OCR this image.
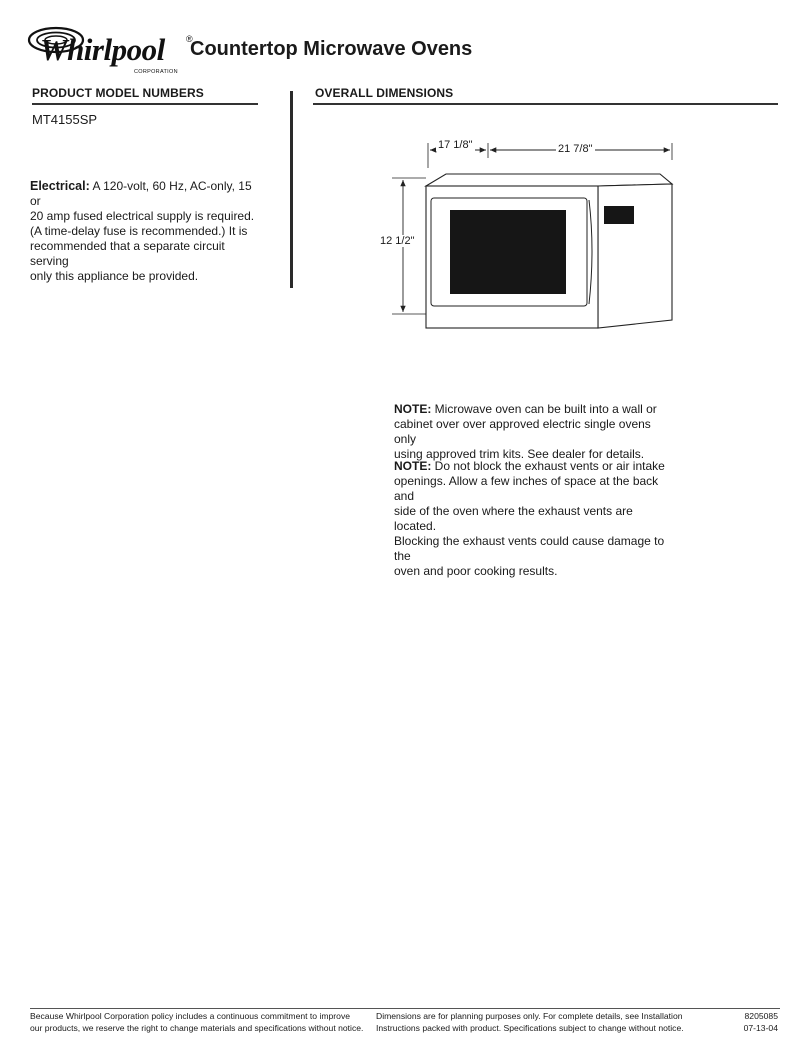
Whirlpool ®
CORPORATION
Countertop Microwave Ovens
PRODUCT MODEL NUMBERS	OVERALL DIMENSIONS
MT4155SP
Electrical: A 120-volt, 60 Hz, AC-only, 15 or
20 amp fused electrical supply is required.
(A time-delay fuse is recommended.) It is
recommended that a separate circuit serving
only this appliance be provided.
17 1/8"	21 7/8"
12 1/2"
NOTE: Microwave oven can be built into a wall or
cabinet over over approved electric single ovens only
using approved trim kits. See dealer for details.
NOTE: Do not block the exhaust vents or air intake
openings. Allow a few inches of space at the back and
side of the oven where the exhaust vents are located.
Blocking the exhaust vents could cause damage to the
oven and poor cooking results.
Because Whirlpool Corporation policy includes a continuous commitment to improve
our products, we reserve the right to change materials and specifications without notice.
Dimensions are for planning purposes only. For complete details, see Installation
Instructions packed with product. Specifications subject to change without notice.
8205085
07-13-04
